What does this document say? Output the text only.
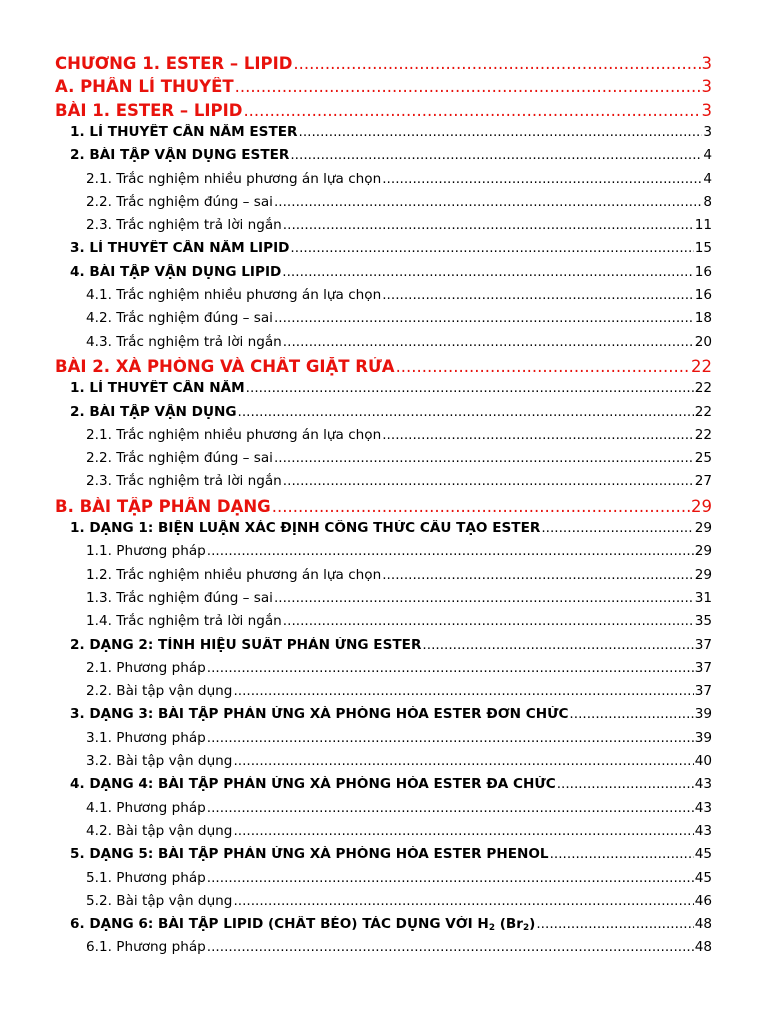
CHƯƠNG 1. ESTER – LIPID .....	3
A. PHẦN LÍ THUYẾT .....	3
BÀI 1. ESTER – LIPID .....	3
1. LÍ THUYẾT CẦN NẮM ESTER .....	3
2. BÀI TẬP VẬN DỤNG ESTER .....	4
2.1. Trắc nghiệm nhiều phương án lựa chọn .....	4
2.2. Trắc nghiệm đúng – sai .....	8
2.3. Trắc nghiệm trả lời ngắn .....	11
3. LÍ THUYẾT CẦN NẮM LIPID .....	15
4. BÀI TẬP VẬN DỤNG LIPID .....	16
4.1. Trắc nghiệm nhiều phương án lựa chọn .....	16
4.2. Trắc nghiệm đúng – sai .....	18
4.3. Trắc nghiệm trả lời ngắn .....	20
BÀI 2. XÀ PHÒNG VÀ CHẤT GIẶT RỬA .....	22
1. LÍ THUYẾT CẦN NẮM .....	22
2. BÀI TẬP VẬN DỤNG .....	22
2.1. Trắc nghiệm nhiều phương án lựa chọn .....	22
2.2. Trắc nghiệm đúng – sai .....	25
2.3. Trắc nghiệm trả lời ngắn .....	27
B. BÀI TẬP PHÂN DẠNG .....	29
1. DẠNG 1: BIỆN LUẬN XÁC ĐỊNH CÔNG THỨC CẤU TẠO ESTER .....	29
1.1. Phương pháp .....	29
1.2. Trắc nghiệm nhiều phương án lựa chọn .....	29
1.3. Trắc nghiệm đúng – sai .....	31
1.4. Trắc nghiệm trả lời ngắn .....	35
2. DẠNG 2: TÍNH HIỆU SUẤT PHẢN ỨNG ESTER .....	37
2.1. Phương pháp .....	37
2.2. Bài tập vận dụng .....	37
3. DẠNG 3: BÀI TẬP PHẢN ỨNG XÀ PHÒNG HÓA ESTER ĐƠN CHỨC .....	39
3.1. Phương pháp .....	39
3.2. Bài tập vận dụng .....	40
4. DẠNG 4: BÀI TẬP PHẢN ỨNG XÀ PHÒNG HÓA ESTER ĐA CHỨC .....	43
4.1. Phương pháp .....	43
4.2. Bài tập vận dụng .....	43
5. DẠNG 5: BÀI TẬP PHẢN ỨNG XÀ PHÒNG HÓA ESTER PHENOL .....	45
5.1. Phương pháp .....	45
5.2. Bài tập vận dụng .....	46
6. DẠNG 6: BÀI TẬP LIPID (CHẤT BÉO) TÁC DỤNG VỚI $H_2$ $(Br_2)$ .....	48
6.1. Phương pháp .....	48
